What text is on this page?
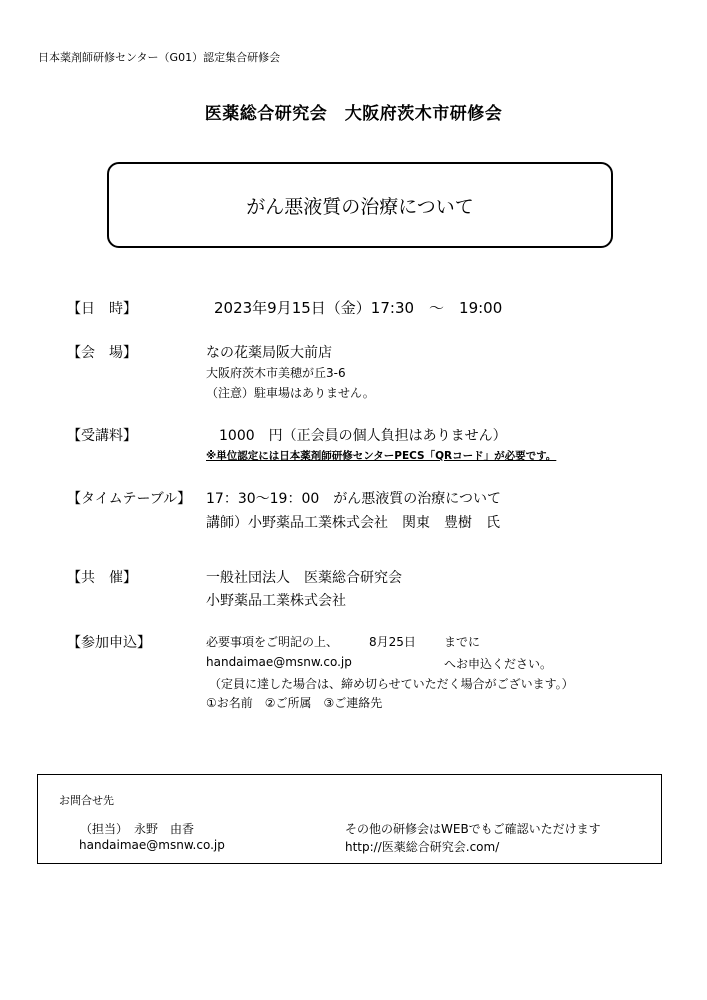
日本薬剤師研修センター（G01）認定集合研修会
医薬総合研究会　大阪府茨木市研修会
がん悪液質の治療について
【日　時】	2023年9月15日（金）17:30　～　19:00
【会　場】	なの花薬局阪大前店
大阪府茨木市美穂が丘3-6
（注意）駐車場はありません。
【受講料】	1000　円（正会員の個人負担はありません）
※単位認定には日本薬剤師研修センターPECS「QRコード」が必要です。
【タイムテーブル】 17：30～19：00　がん悪液質の治療について
講師）小野薬品工業株式会社　関東　豊樹　氏
【共　催】	一般社団法人　医薬総合研究会
小野薬品工業株式会社
【参加申込】	必要事項をご明記の上、	8月25日 までに
handaimae@msnw.co.jp	へお申込ください。
（定員に達した場合は、締め切らせていただく場合がございます。）
①お名前　②ご所属　③ご連絡先
お問合せ先
（担当）　永野　由香
handaimae@msnw.co.jp
その他の研修会はWEBでもご確認いただけます
http://医薬総合研究会.com/
